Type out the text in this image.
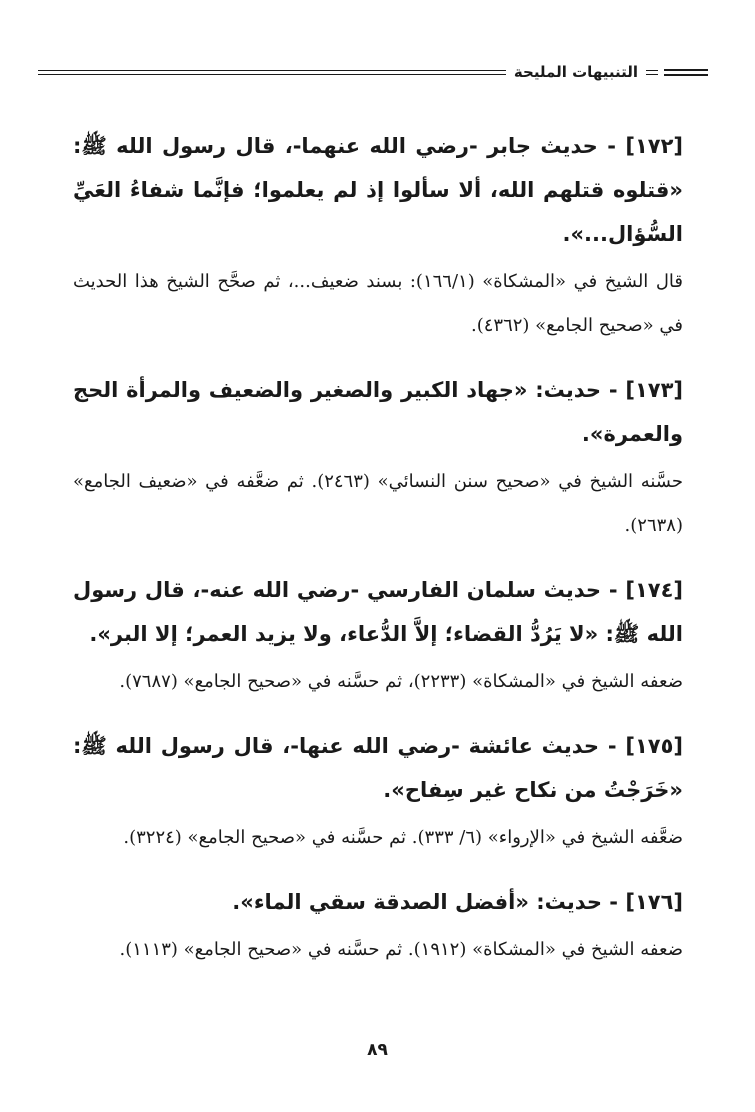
التنبيهات المليحة

[١٧٢] - حديث جابر -رضي الله عنهما-، قال رسول الله ﷺ: «قتلوه قتلهم الله، ألا سألوا إذ لم يعلموا؛ فإنَّما شفاءُ العَيِّ السُّؤال...».

قال الشيخ في «المشكاة» (١٦٦/١): بسند ضعيف...، ثم صحَّح الشيخ هذا الحديث في «صحيح الجامع» (٤٣٦٢).

[١٧٣] - حديث: «جهاد الكبير والصغير والضعيف والمرأة الحج والعمرة».

حسَّنه الشيخ في «صحيح سنن النسائي» (٢٤٦٣). ثم ضعَّفه في «ضعيف الجامع» (٢٦٣٨).

[١٧٤] - حديث سلمان الفارسي -رضي الله عنه-، قال رسول الله ﷺ: «لا يَرُدُّ القضاء؛ إلاَّ الدُّعاء، ولا يزيد العمر؛ إلا البر».

ضعفه الشيخ في «المشكاة» (٢٢٣٣)، ثم حسَّنه في «صحيح الجامع» (٧٦٨٧).

[١٧٥] - حديث عائشة -رضي الله عنها-، قال رسول الله ﷺ: «خَرَجْتُ من نكاح غير سِفاح».

ضعَّفه الشيخ في «الإرواء» (٦/ ٣٣٣). ثم حسَّنه في «صحيح الجامع» (٣٢٢٤).

[١٧٦] - حديث: «أفضل الصدقة سقي الماء».

ضعفه الشيخ في «المشكاة» (١٩١٢). ثم حسَّنه في «صحيح الجامع» (١١١٣).

٨٩
